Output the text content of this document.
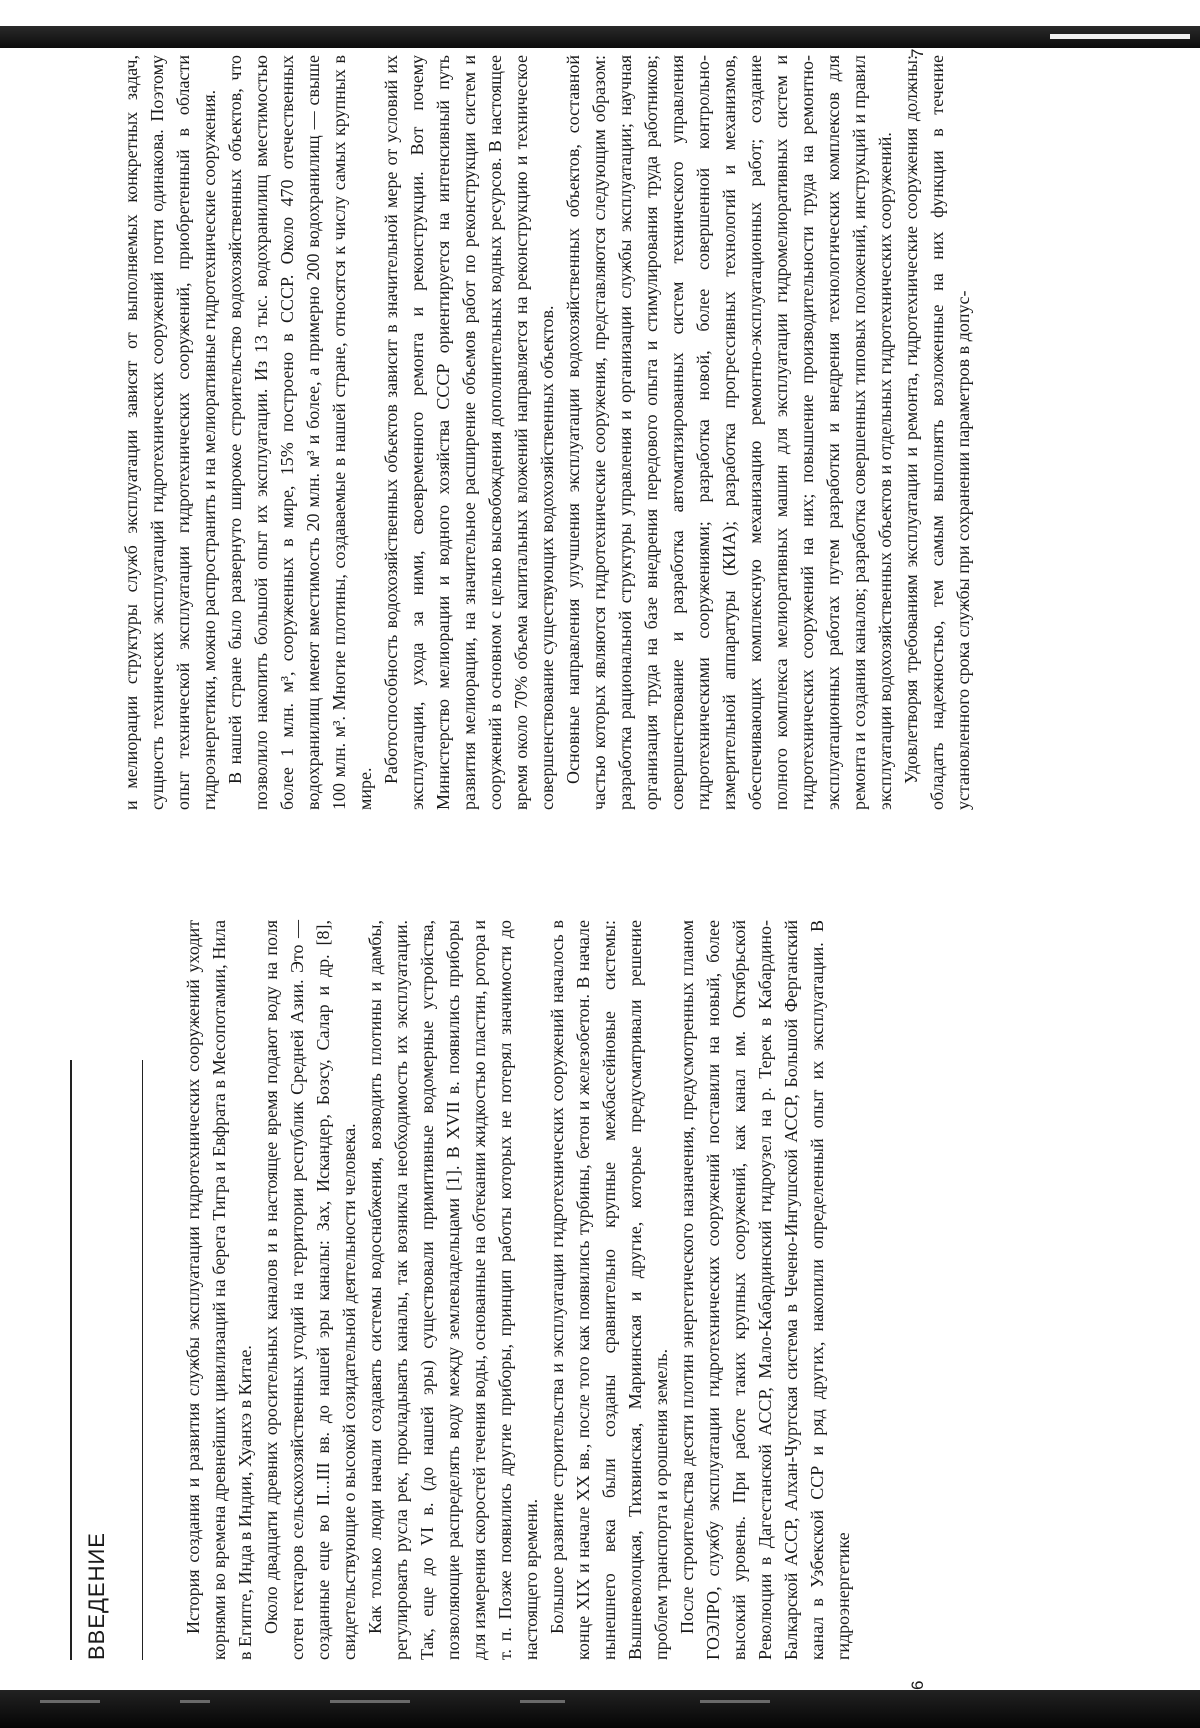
ВВЕДЕНИЕ	История создания и развития службы эксплуатации гидротехнических сооружений уходит корнями во времена древнейших цивилизаций на берега Тигра и Евфрата в Месопотамии, Нила в Египте, Инда в Индии, Хуанхэ в Китае. Около двадцати древних оросительных каналов и в настоящее время подают воду на поля сотен гектаров сельскохозяйственных угодий на территории республик Средней Азии. Это — созданные еще во II...III вв. до нашей эры каналы: Зах, Искандер, Бозсу, Салар и др. [8], свидетельствующие о высокой созидательной деятельности человека. Как только люди начали создавать системы водоснабжения, возводить плотины и дамбы, регулировать русла рек, прокладывать каналы, так возникла необходимость их эксплуатации. Так, еще до VI в. (до нашей эры) существовали примитивные водомерные устройства, позволяющие распределять воду между землевладельцами [1]. В XVII в. появились приборы для измерения скоростей течения воды, основанные на обтекании жидкостью пластин, ротора и т. п. Позже появились другие приборы, принцип работы которых не потерял значимости до настоящего времени. Большое развитие строительства и эксплуатации гидротехнических сооружений началось в конце XIX и начале XX вв., после того как появились турбины, бетон и железобетон. В начале нынешнего века были созданы сравнительно крупные межбассейновые системы: Вышневолоцкая, Тихвинская, Мариинская и другие, которые предусматривали решение проблем транспорта и орошения земель. После строительства десяти плотин энергетического назначения, предусмотренных планом ГОЭЛРО, службу эксплуатации гидротехнических сооружений поставили на новый, более высокий уровень. При работе таких крупных сооружений, как канал им. Октябрьской Революции в Дагестанской АССР, Мало-Кабардинский гидроузел на р. Терек в Кабардино-Балкарской АССР, Алхан-Чуртская система в Чечено-Ингушской АССР, Большой Ферганский канал в Узбекской ССР и ряд других, накопили определенный опыт их эксплуатации. В гидроэнергетике

6

и мелиорации структуры служб эксплуатации зависят от выполняемых конкретных задач, сущность технических эксплуатаций гидротехнических сооружений почти одинакова. Поэтому опыт технической эксплуатации гидротехнических сооружений, приобретенный в области гидроэнергетики, можно распространить и на мелиоративные гидротехнические сооружения. В нашей стране было развернуто широкое строительство водохозяйственных объектов, что позволило накопить большой опыт их эксплуатации. Из 13 тыс. водохранилищ вместимостью более 1 млн. м³, сооруженных в мире, 15% построено в СССР. Около 470 отечественных водохранилищ имеют вместимость 20 млн. м³ и более, а примерно 200 водохранилищ — свыше 100 млн. м³. Многие плотины, создаваемые в нашей стране, относятся к числу самых крупных в мире.

Работоспособность водохозяйственных объектов зависит в значительной мере от условий их эксплуатации, ухода за ними, своевременного ремонта и реконструкции. Вот почему Министерство мелиорации и водного хозяйства СССР ориентируется на интенсивный путь развития мелиорации, на значительное расширение объемов работ по реконструкции систем и сооружений в основном с целью высвобождения дополнительных водных ресурсов. В настоящее время около 70% объема капитальных вложений направляется на реконструкцию и техническое совершенствование существующих водохозяйственных объектов. Основные направления улучшения эксплуатации водохозяйственных объектов, составной частью которых являются гидротехнические сооружения, представляются следующим образом: разработка рациональной структуры управления и организации службы эксплуатации; научная организация труда на базе внедрения передового опыта и стимулирования труда работников; совершенствование и разработка автоматизированных систем технического управления гидротехническими сооружениями; разработка новой, более совершенной контрольно-измерительной аппаратуры (КИА); разработка прогрессивных технологий и механизмов, обеспечивающих комплексную механизацию ремонтно-эксплуатационных работ; создание полного комплекса мелиоративных машин для эксплуатации гидромелиоративных систем и гидротехнических сооружений на них; повышение производительности труда на ремонтно-эксплуатационных работах путем разработки и внедрения технологических комплексов для ремонта и создания каналов; разработка совершенных типовых положений, инструкций и правил эксплуатации водохозяйственных объектов и отдельных гидротехнических сооружений. Удовлетворяя требованиям эксплуатации и ремонта, гидротехнические сооружения должны: обладать надежностью, тем самым выполнять возложенные на них функции в течение установленного срока службы при сохранении параметров в допус-

7
